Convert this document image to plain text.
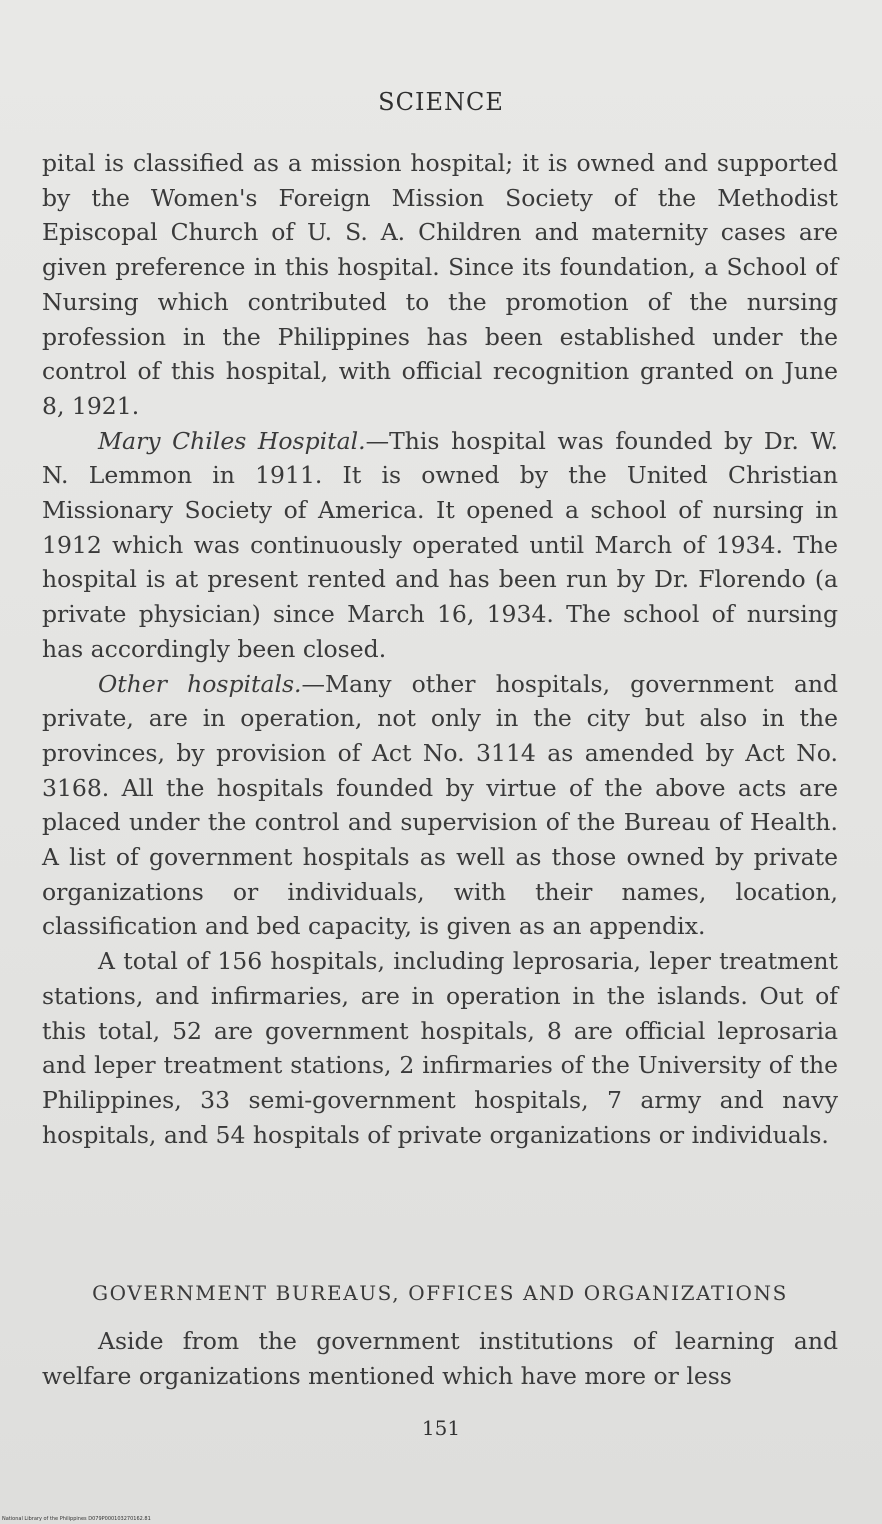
SCIENCE

pital is classified as a mission hospital; it is owned and supported by the Women's Foreign Mission Society of the Methodist Episcopal Church of U. S. A. Children and maternity cases are given preference in this hospital. Since its foundation, a School of Nursing which contributed to the promotion of the nursing profession in the Philippines has been established under the control of this hospital, with official recognition granted on June 8, 1921.

Mary Chiles Hospital.—This hospital was founded by Dr. W. N. Lemmon in 1911. It is owned by the United Christian Missionary Society of America. It opened a school of nursing in 1912 which was continuously operated until March of 1934. The hospital is at present rented and has been run by Dr. Florendo (a private physician) since March 16, 1934. The school of nursing has accordingly been closed.

Other hospitals.—Many other hospitals, government and private, are in operation, not only in the city but also in the provinces, by provision of Act No. 3114 as amended by Act No. 3168. All the hospitals founded by virtue of the above acts are placed under the control and supervision of the Bureau of Health. A list of government hospitals as well as those owned by private organizations or individuals, with their names, location, classification and bed capacity, is given as an appendix.

A total of 156 hospitals, including leprosaria, leper treatment stations, and infirmaries, are in operation in the islands. Out of this total, 52 are government hospitals, 8 are official leprosaria and leper treatment stations, 2 infirmaries of the University of the Philippines, 33 semi-government hospitals, 7 army and navy hospitals, and 54 hospitals of private organizations or individuals.

GOVERNMENT BUREAUS, OFFICES AND ORGANIZATIONS

Aside from the government institutions of learning and welfare organizations mentioned which have more or less

151
National Library of the Philippines D079P000103270162.81
